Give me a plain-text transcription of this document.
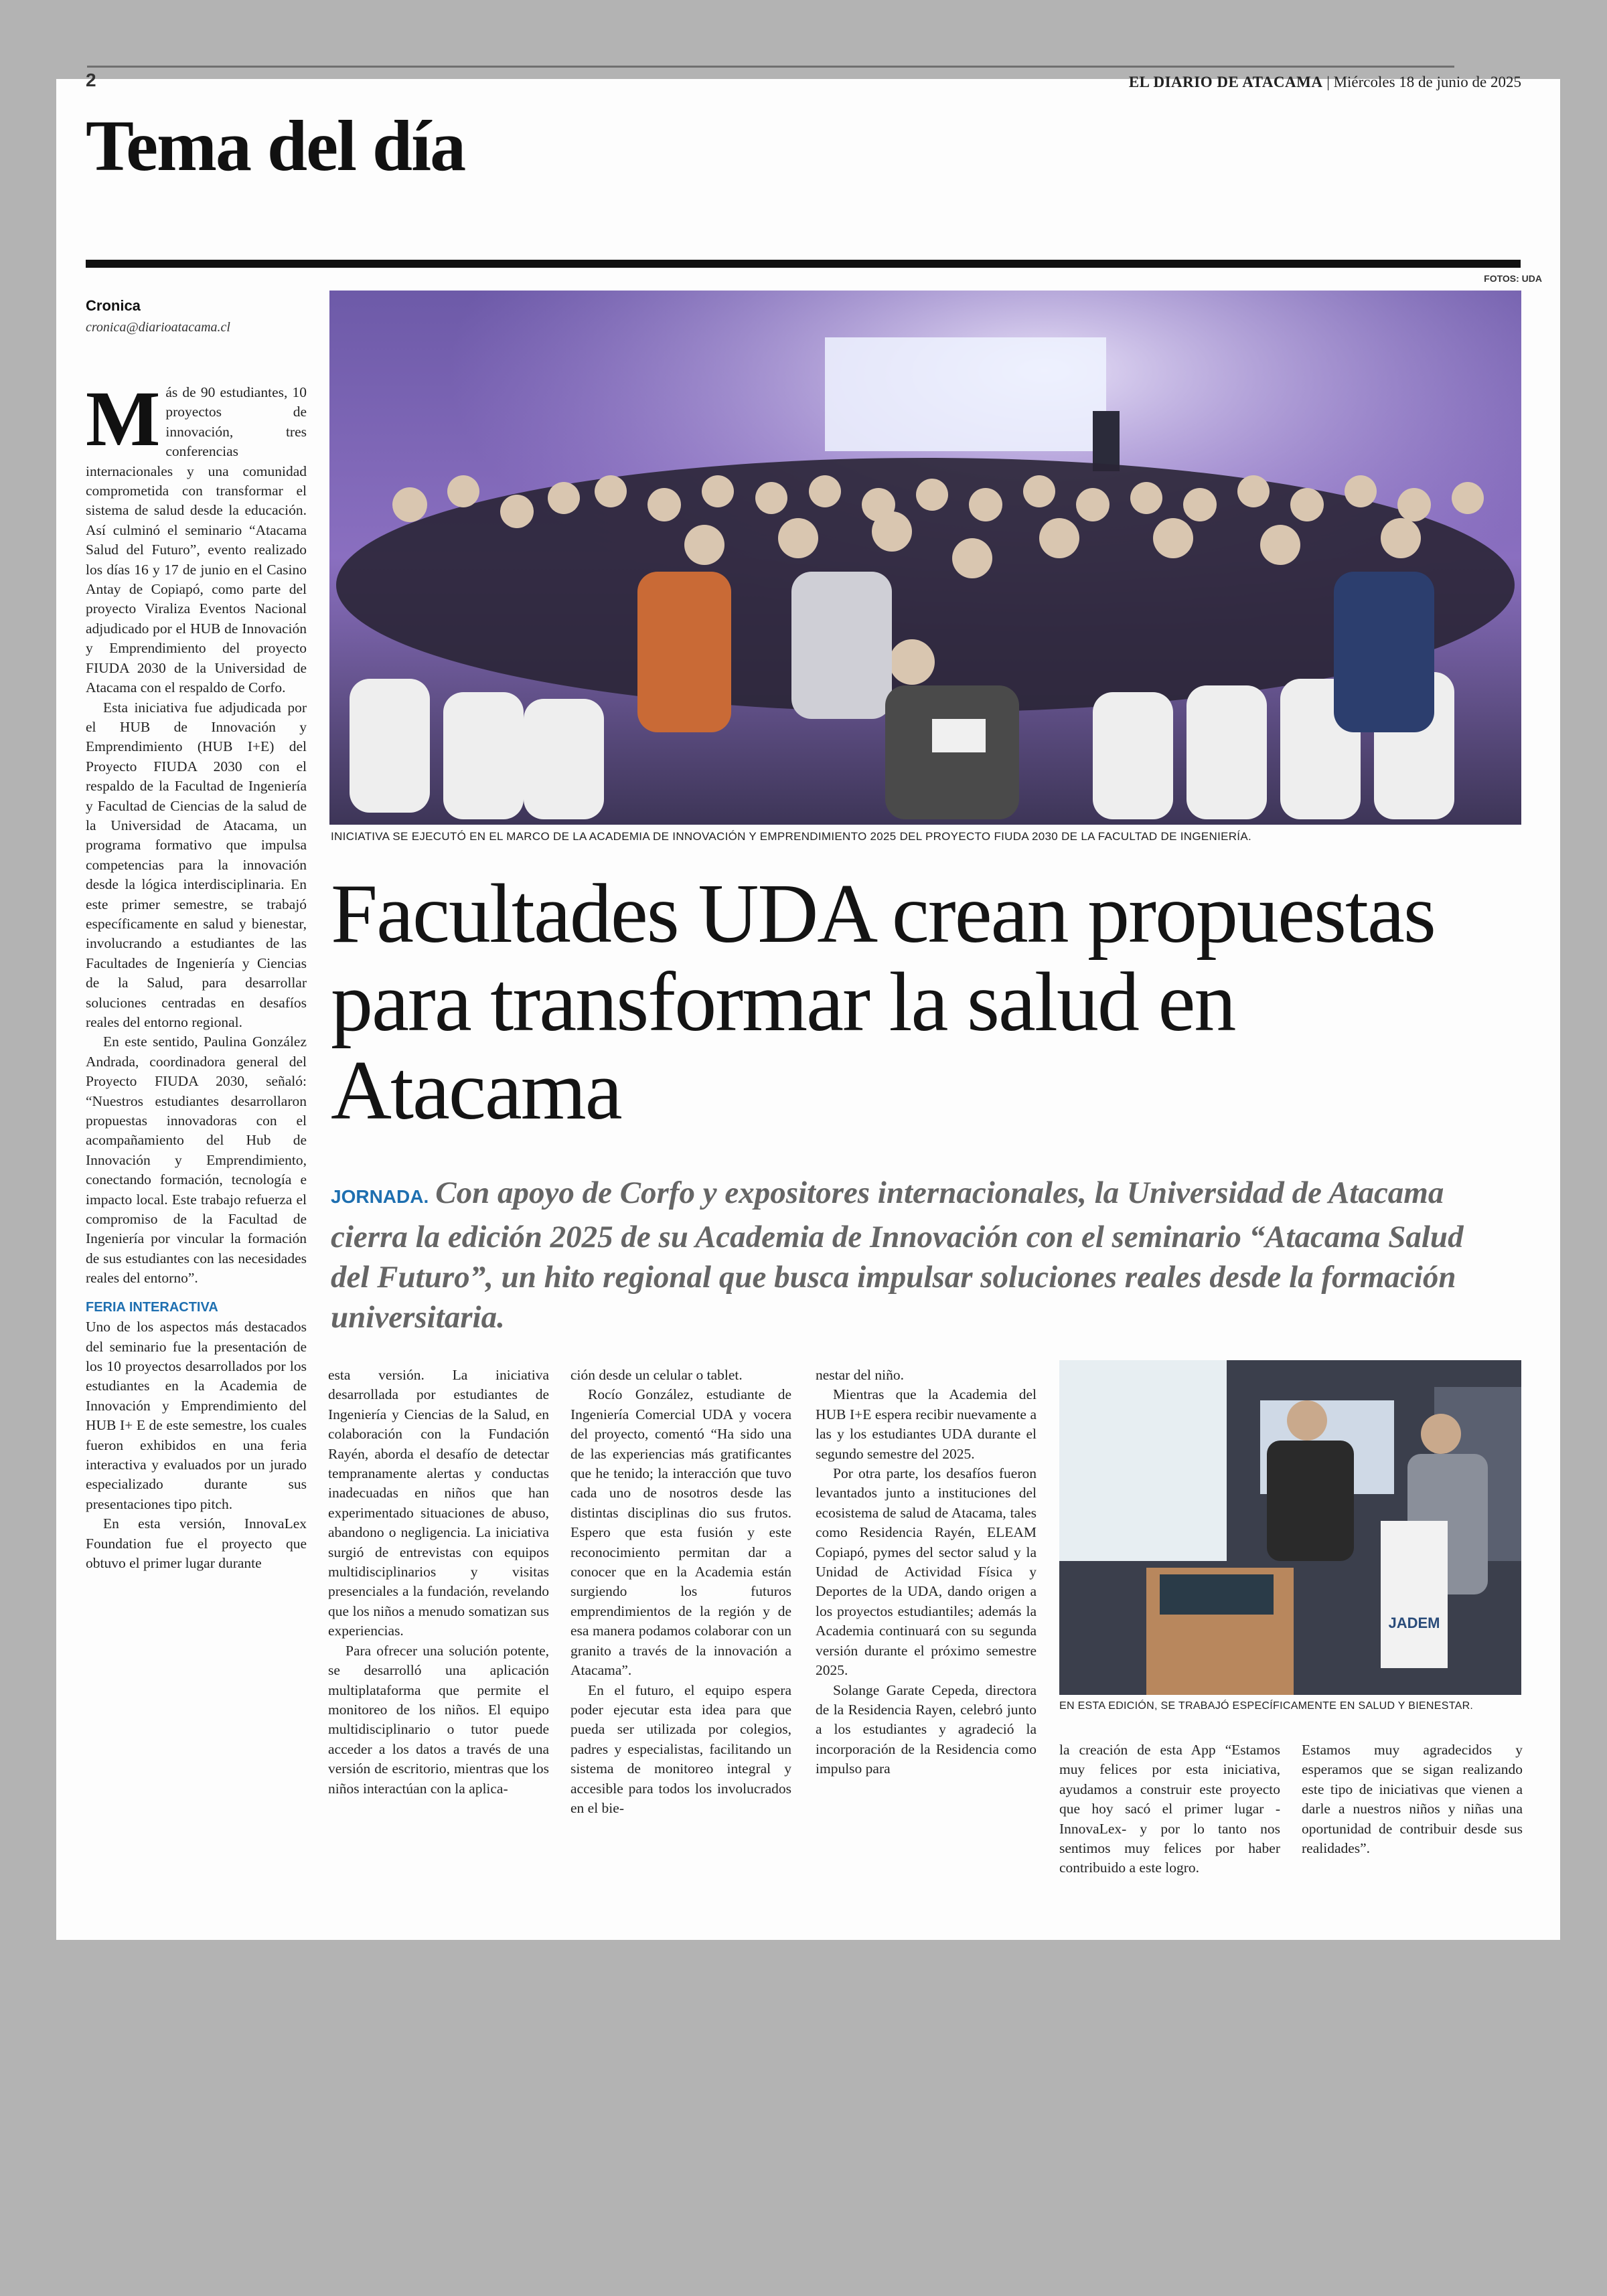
2	EL DIARIO DE ATACAMA | Miércoles 18 de junio de 2025
Tema del día
FOTOS: UDA
Cronica
cronica@diarioatacama.cl
INICIATIVA SE EJECUTÓ EN EL MARCO DE LA ACADEMIA DE INNOVACIÓN Y EMPRENDIMIENTO 2025 DEL PROYECTO FIUDA 2030 DE LA FACULTAD DE INGENIERÍA.
M ás de 90 estudiantes, 10 proyectos de innovación, tres conferencias internacionales y una comunidad comprometida con transformar el sistema de salud desde la educación. Así culminó el seminario “Atacama Salud del Futuro”, evento realizado los días 16 y 17 de junio en el Casino Antay de Copiapó, como parte del proyecto Viraliza Eventos Nacional adjudicado por el HUB de Innovación y Emprendimiento del proyecto FIUDA 2030 de la Universidad de Atacama con el respaldo de Corfo.

Esta iniciativa fue adjudicada por el HUB de Innovación y Emprendimiento (HUB I+E) del Proyecto FIUDA 2030 con el respaldo de la Facultad de Ingeniería y Facultad de Ciencias de la salud de la Universidad de Atacama, un programa formativo que impulsa competencias para la innovación desde la lógica interdisciplinaria. En este primer semestre, se trabajó específicamente en salud y bienestar, involucrando a estudiantes de las Facultades de Ingeniería y Ciencias de la Salud, para desarrollar soluciones centradas en desafíos reales del entorno regional.

En este sentido, Paulina González Andrada, coordinadora general del Proyecto FIUDA 2030, señaló: “Nuestros estudiantes desarrollaron propuestas innovadoras con el acompañamiento del Hub de Innovación y Emprendimiento, conectando formación, tecnología e impacto local. Este trabajo refuerza el compromiso de la Facultad de Ingeniería por vincular la formación de sus estudiantes con las necesidades reales del entorno”.

FERIA INTERACTIVA

Uno de los aspectos más destacados del seminario fue la presentación de los 10 proyectos desarrollados por los estudiantes en la Academia de Innovación y Emprendimiento del HUB I+ E de este semestre, los cuales fueron exhibidos en una feria interactiva y evaluados por un jurado especializado durante sus presentaciones tipo pitch.

En esta versión, InnovaLex Foundation fue el proyecto que obtuvo el primer lugar durante

Facultades UDA crean propuestas para transformar la salud en Atacama
JORNADA. Con apoyo de Corfo y expositores internacionales, la Universidad de Atacama cierra la edición 2025 de su Academia de Innovación con el seminario “Atacama Salud del Futuro”, un hito regional que busca impulsar soluciones reales desde la formación universitaria.

esta versión. La iniciativa desarrollada por estudiantes de Ingeniería y Ciencias de la Salud, en colaboración con la Fundación Rayén, aborda el desafío de detectar tempranamente alertas y conductas inadecuadas en niños que han experimentado situaciones de abuso, abandono o negligencia. La iniciativa surgió de entrevistas con equipos multidisciplinarios y visitas presenciales a la fundación, revelando que los niños a menudo somatizan sus experiencias.

Para ofrecer una solución potente, se desarrolló una aplicación multiplataforma que permite el monitoreo de los niños. El equipo multidisciplinario o tutor puede acceder a los datos a través de una versión de escritorio, mientras que los niños interactúan con la aplica-

ción desde un celular o tablet.

Rocío González, estudiante de Ingeniería Comercial UDA y vocera del proyecto, comentó “Ha sido una de las experiencias más gratificantes que he tenido; la interacción que tuvo cada uno de nosotros desde las distintas disciplinas dio sus frutos. Espero que esta fusión y este reconocimiento permitan dar a conocer que en la Academia están surgiendo los futuros emprendimientos de la región y de esa manera podamos colaborar con un granito a través de la innovación a Atacama”.

En el futuro, el equipo espera poder ejecutar esta idea para que pueda ser utilizada por colegios, padres y especialistas, facilitando un sistema de monitoreo integral y accesible para todos los involucrados en el bie-

nestar del niño.

Mientras que la Academia del HUB I+E espera recibir nuevamente a las y los estudiantes UDA durante el segundo semestre del 2025.

Por otra parte, los desafíos fueron levantados junto a instituciones del ecosistema de salud de Atacama, tales como Residencia Rayén, ELEAM Copiapó, pymes del sector salud y la Unidad de Actividad Física y Deportes de la UDA, dando origen a los proyectos estudiantiles; además la Academia continuará con su segunda versión durante el próximo semestre 2025.

Solange Garate Cepeda, directora de la Residencia Rayen, celebró junto a los estudiantes y agradeció la incorporación de la Residencia como impulso para

JADEM
EN ESTA EDICIÓN, SE TRABAJÓ ESPECÍFICAMENTE EN SALUD Y BIENESTAR.

la creación de esta App “Estamos muy felices por esta iniciativa, ayudamos a construir este proyecto que hoy sacó el primer lugar -InnovaLex- y por lo tanto nos sentimos muy felices por haber contribuido a este logro.

Estamos muy agradecidos y esperamos que se sigan realizando este tipo de iniciativas que vienen a darle a nuestros niños y niñas una oportunidad de contribuir desde sus realidades”.
